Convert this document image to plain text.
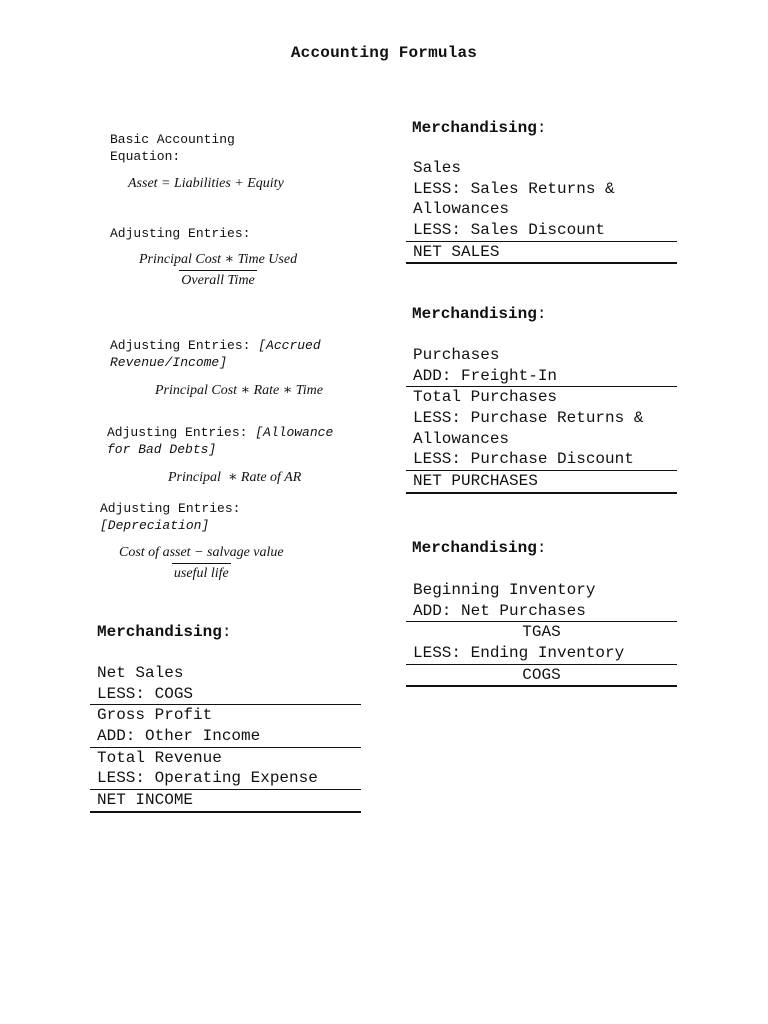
Accounting Formulas
Basic Accounting
Equation:
Asset = Liabilities + Equity
Adjusting Entries:
Principal Cost ∗ Time Used
Overall Time
Adjusting Entries: [Accrued
Revenue/Income]
Principal Cost ∗ Rate ∗ Time
Adjusting Entries: [Allowance
for Bad Debts]
Principal  ∗ Rate of AR
Adjusting Entries:
[Depreciation]
Cost of asset − salvage value
useful life
Merchandising:
Net Sales
LESS: COGS
Gross Profit
ADD: Other Income
Total Revenue
LESS: Operating Expense
NET INCOME
Merchandising:
Sales
LESS: Sales Returns &
Allowances
LESS: Sales Discount
NET SALES
Merchandising:
Purchases
ADD: Freight-In
Total Purchases
LESS: Purchase Returns &
Allowances
LESS: Purchase Discount
NET PURCHASES
Merchandising:
Beginning Inventory
ADD: Net Purchases
TGAS
LESS: Ending Inventory
COGS
